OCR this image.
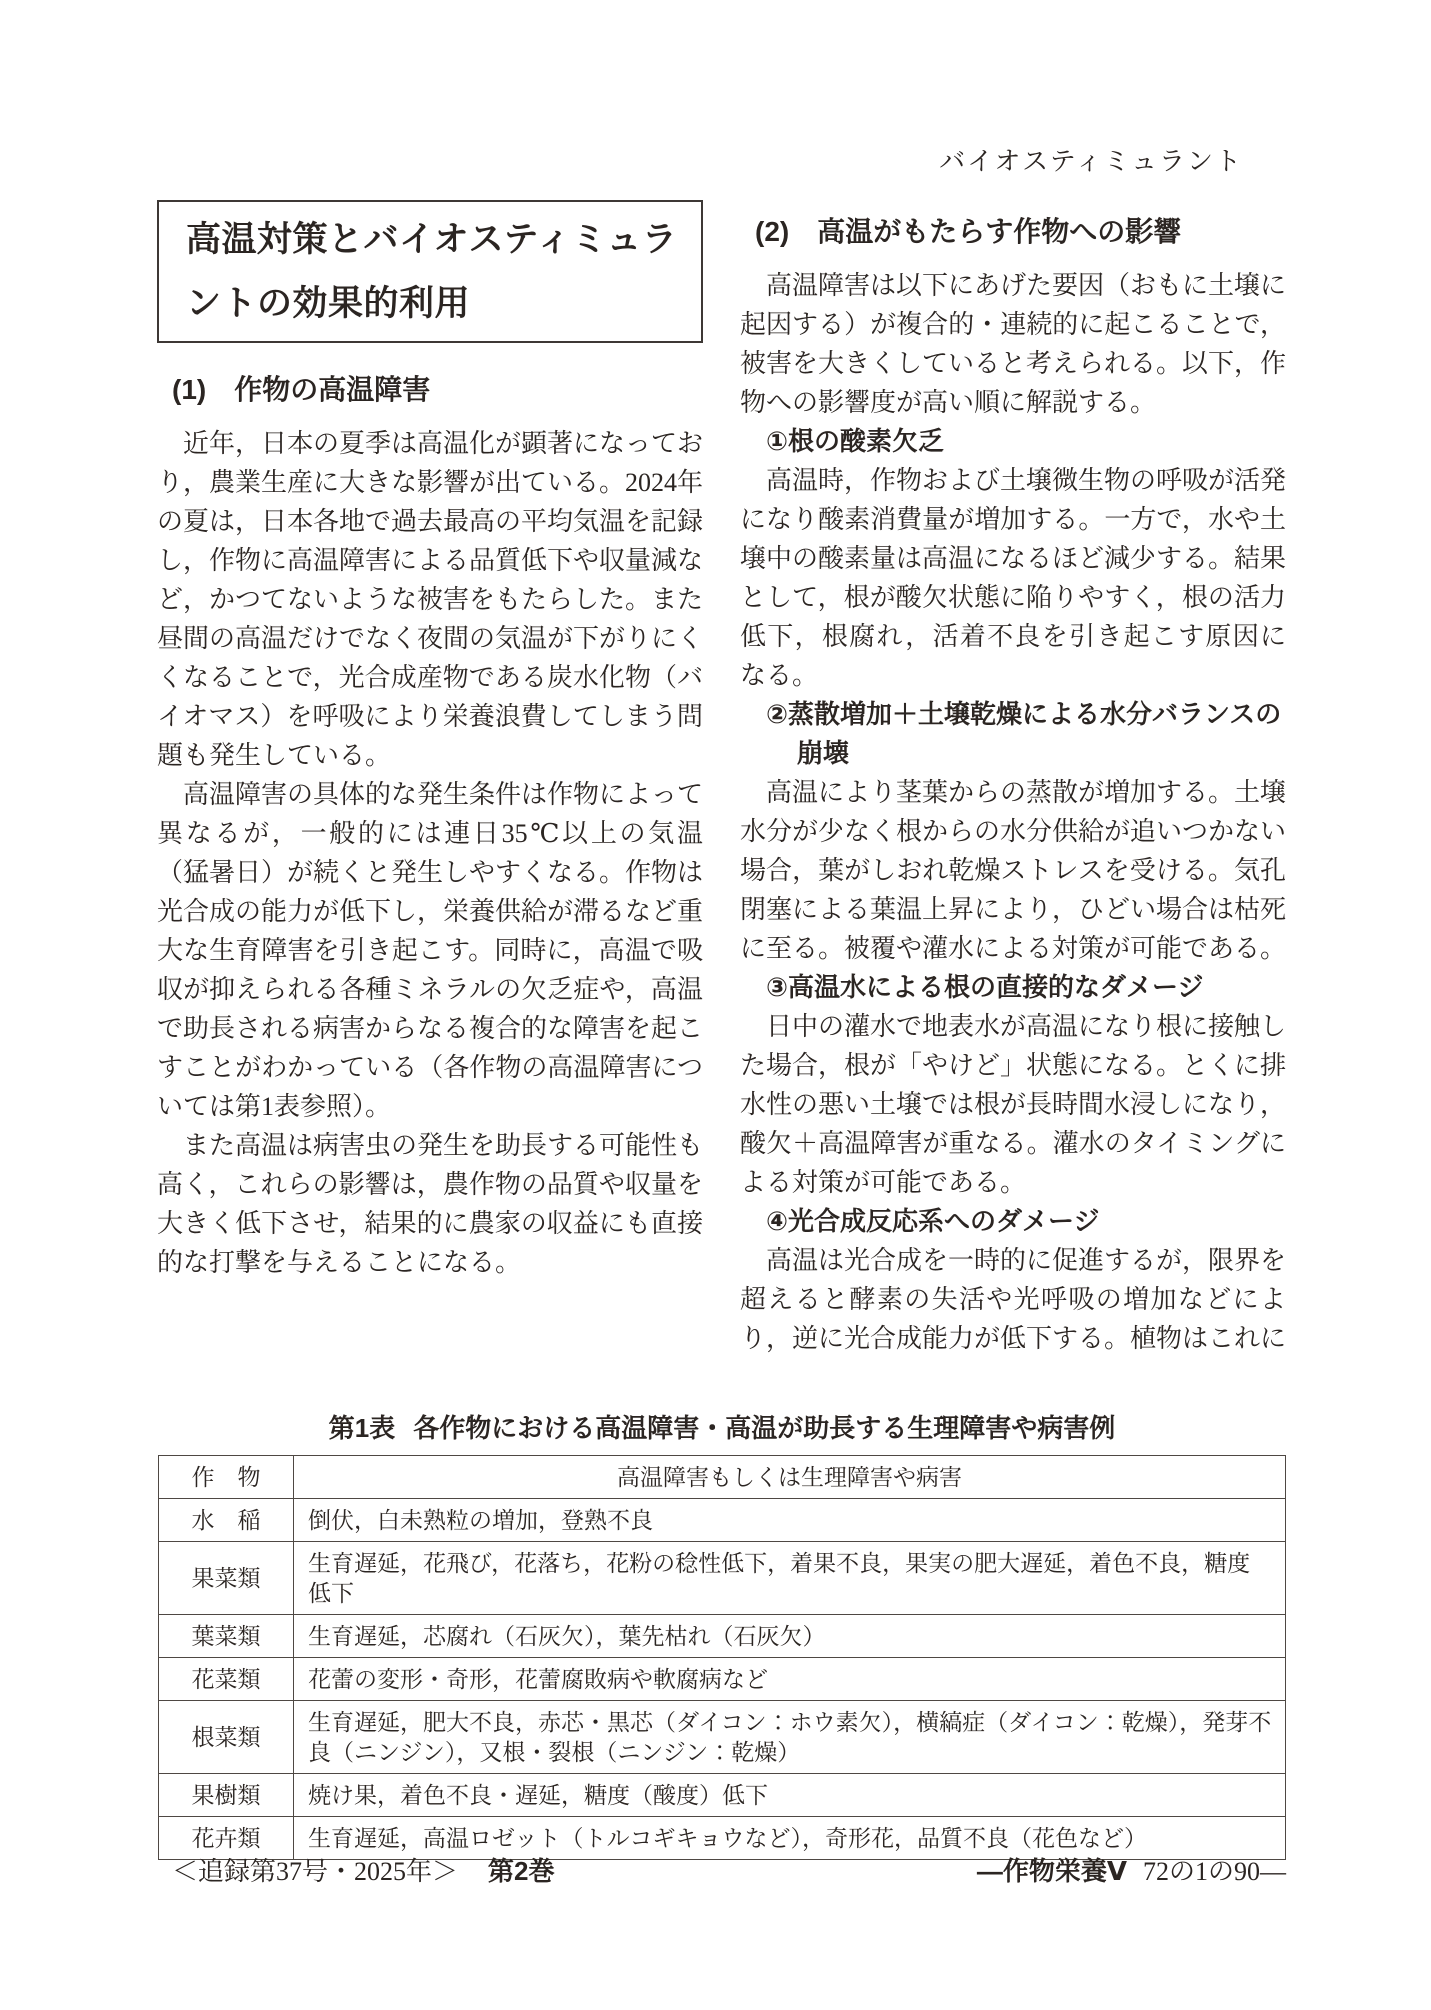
バイオスティミュラント
高温対策とバイオスティミュラントの効果的利用
(1)　作物の高温障害

近年，日本の夏季は高温化が顕著になっており，農業生産に大きな影響が出ている。2024年の夏は，日本各地で過去最高の平均気温を記録し，作物に高温障害による品質低下や収量減など，かつてないような被害をもたらした。また昼間の高温だけでなく夜間の気温が下がりにくくなることで，光合成産物である炭水化物（バイオマス）を呼吸により栄養浪費してしまう問題も発生している。

高温障害の具体的な発生条件は作物によって異なるが，一般的には連日35℃以上の気温（猛暑日）が続くと発生しやすくなる。作物は光合成の能力が低下し，栄養供給が滞るなど重大な生育障害を引き起こす。同時に，高温で吸収が抑えられる各種ミネラルの欠乏症や，高温で助長される病害からなる複合的な障害を起こすことがわかっている（各作物の高温障害については第1表参照）。

また高温は病害虫の発生を助長する可能性も高く，これらの影響は，農作物の品質や収量を大きく低下させ，結果的に農家の収益にも直接的な打撃を与えることになる。

(2)　高温がもたらす作物への影響

高温障害は以下にあげた要因（おもに土壌に起因する）が複合的・連続的に起こることで，被害を大きくしていると考えられる。以下，作物への影響度が高い順に解説する。

①根の酸素欠乏

高温時，作物および土壌微生物の呼吸が活発になり酸素消費量が増加する。一方で，水や土壌中の酸素量は高温になるほど減少する。結果として，根が酸欠状態に陥りやすく，根の活力低下，根腐れ，活着不良を引き起こす原因になる。

②蒸散増加＋土壌乾燥による水分バランスの崩壊

高温により茎葉からの蒸散が増加する。土壌水分が少なく根からの水分供給が追いつかない場合，葉がしおれ乾燥ストレスを受ける。気孔閉塞による葉温上昇により，ひどい場合は枯死に至る。被覆や灌水による対策が可能である。

③高温水による根の直接的なダメージ

日中の灌水で地表水が高温になり根に接触した場合，根が「やけど」状態になる。とくに排水性の悪い土壌では根が長時間水浸しになり，酸欠＋高温障害が重なる。灌水のタイミングによる対策が可能である。

④光合成反応系へのダメージ

高温は光合成を一時的に促進するが，限界を超えると酵素の失活や光呼吸の増加などにより，逆に光合成能力が低下する。植物はこれに

第1表 各作物における高温障害・高温が助長する生理障害や病害例
作　物	高温障害もしくは生理障害や病害
水　稲	倒伏，白未熟粒の増加，登熟不良
果菜類	生育遅延，花飛び，花落ち，花粉の稔性低下，着果不良，果実の肥大遅延，着色不良，糖度低下
葉菜類	生育遅延，芯腐れ（石灰欠），葉先枯れ（石灰欠）
花菜類	花蕾の変形・奇形，花蕾腐敗病や軟腐病など
根菜類	生育遅延，肥大不良，赤芯・黒芯（ダイコン：ホウ素欠），横縞症（ダイコン：乾燥），発芽不良（ニンジン），又根・裂根（ニンジン：乾燥）
果樹類	焼け果，着色不良・遅延，糖度（酸度）低下
花卉類	生育遅延，高温ロゼット（トルコギキョウなど），奇形花，品質不良（花色など）
＜追録第37号・2025年＞ 第2巻	―作物栄養Ⅴ 72の1の90―
